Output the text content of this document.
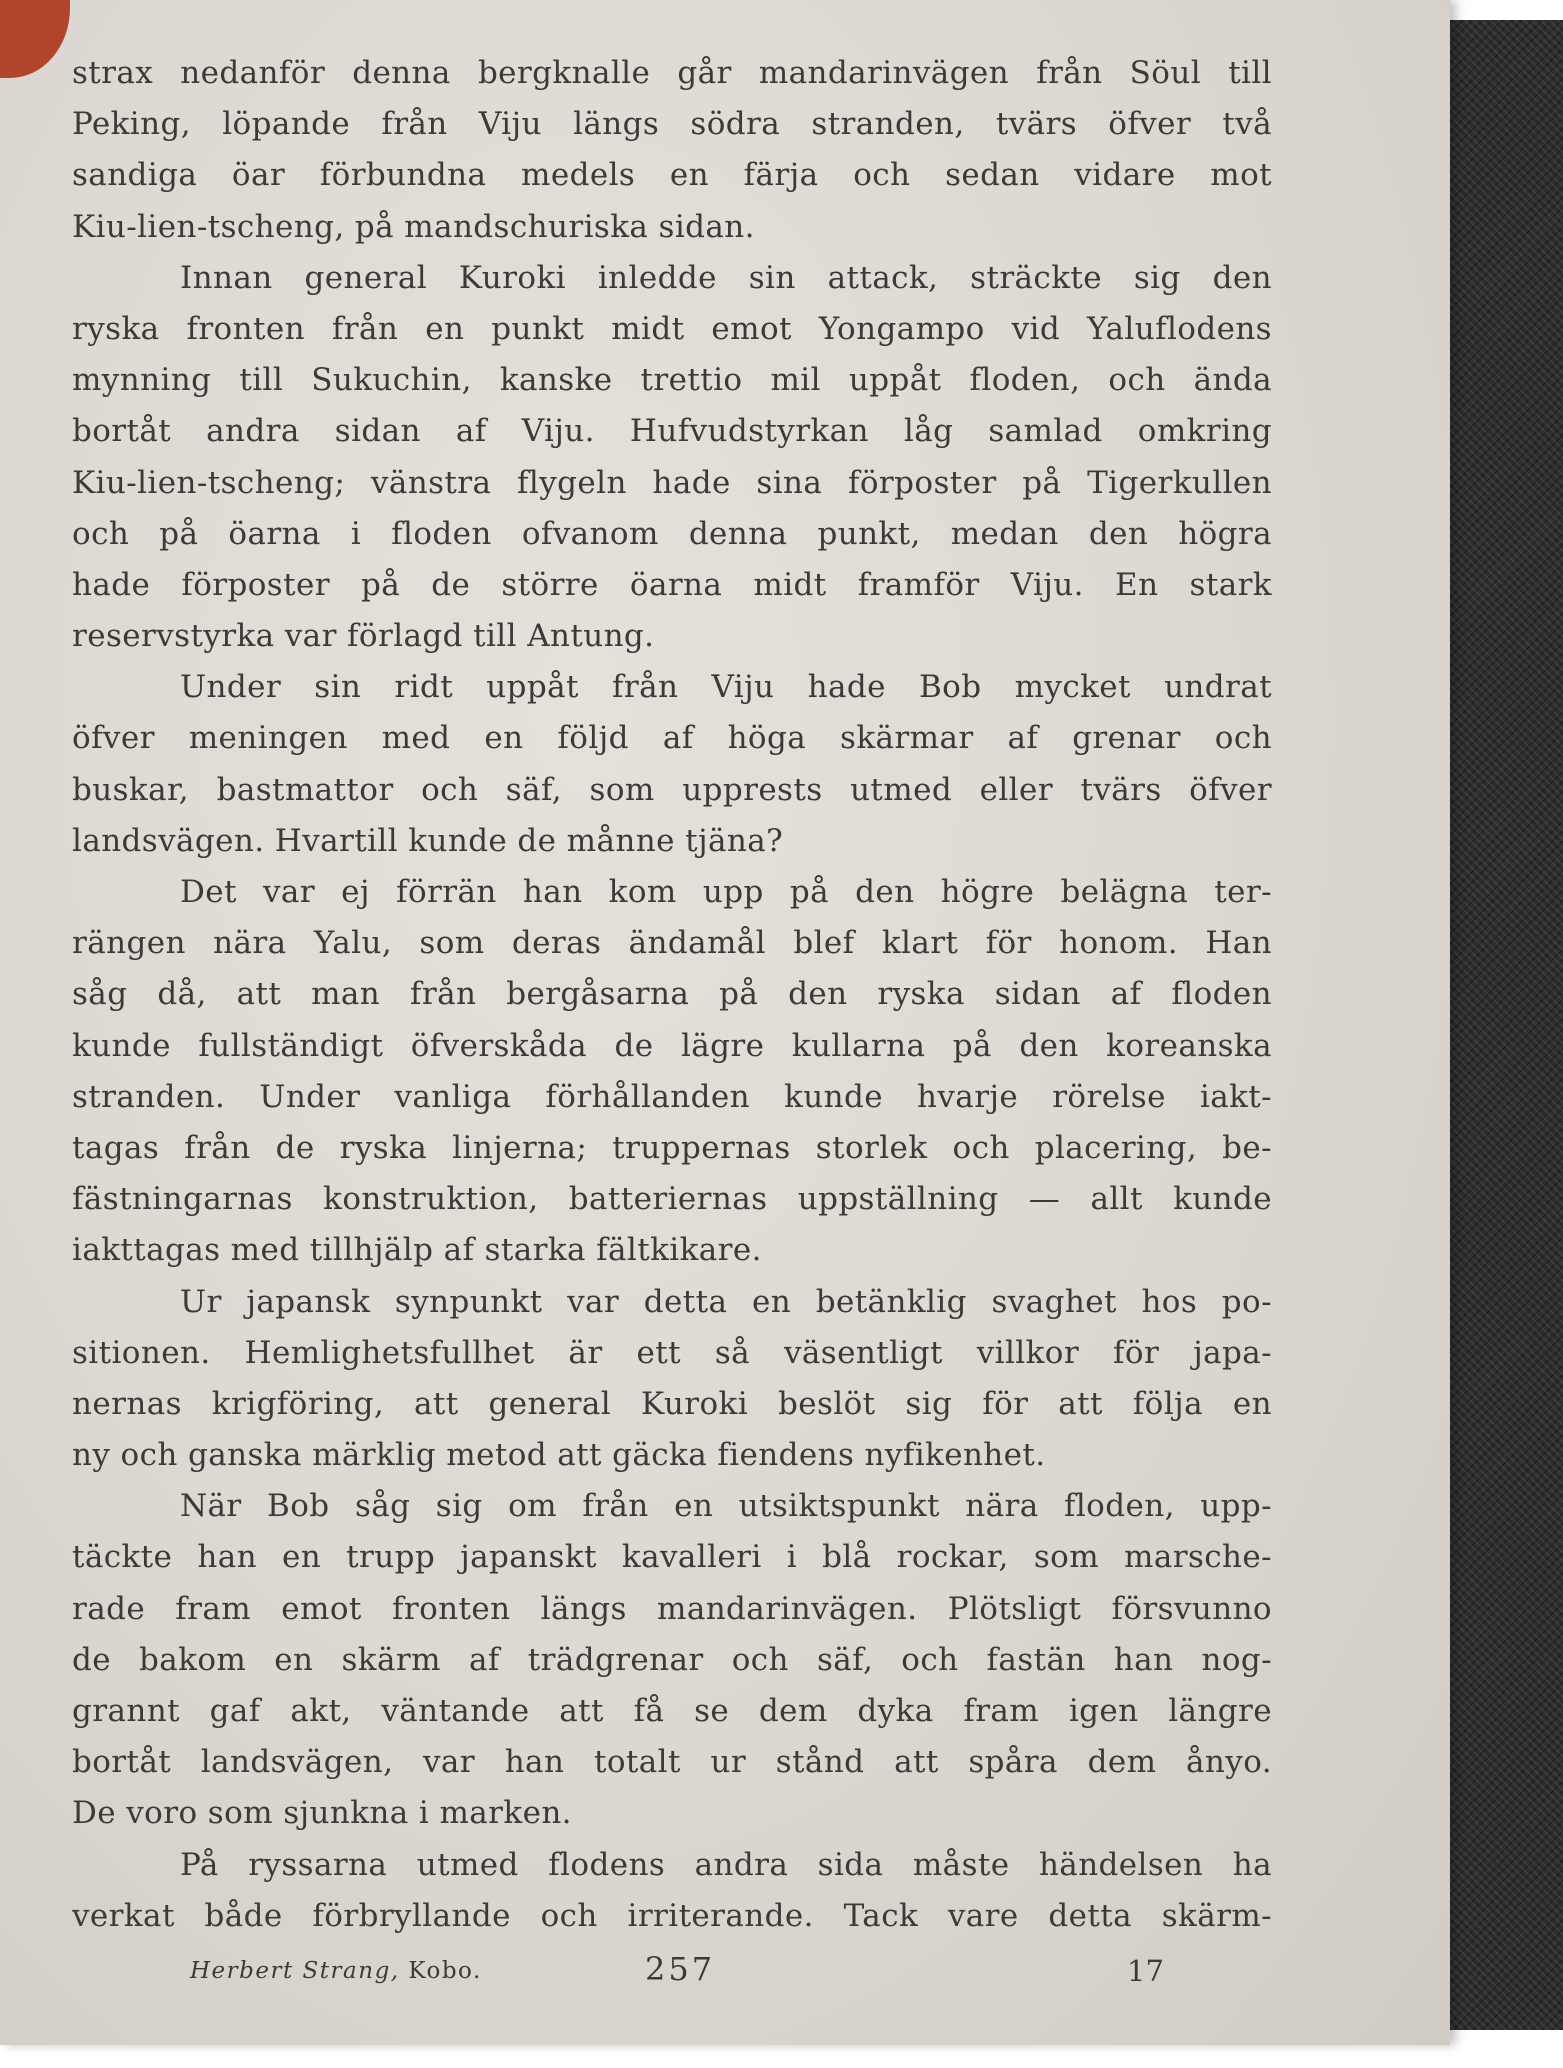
strax nedanför denna bergknalle går mandarinvägen från Söul till
Peking, löpande från Viju längs södra stranden, tvärs öfver två
sandiga öar förbundna medels en färja och sedan vidare mot
Kiu-lien-tscheng, på mandschuriska sidan.
Innan general Kuroki inledde sin attack, sträckte sig den
ryska fronten från en punkt midt emot Yongampo vid Yaluflodens
mynning till Sukuchin, kanske trettio mil uppåt floden, och ända
bortåt andra sidan af Viju. Hufvudstyrkan låg samlad omkring
Kiu-lien-tscheng; vänstra flygeln hade sina förposter på Tigerkullen
och på öarna i floden ofvanom denna punkt, medan den högra
hade förposter på de större öarna midt framför Viju. En stark
reservstyrka var förlagd till Antung.
Under sin ridt uppåt från Viju hade Bob mycket undrat
öfver meningen med en följd af höga skärmar af grenar och
buskar, bastmattor och säf, som upprests utmed eller tvärs öfver
landsvägen. Hvartill kunde de månne tjäna?
Det var ej förrän han kom upp på den högre belägna ter-
rängen nära Yalu, som deras ändamål blef klart för honom. Han
såg då, att man från bergåsarna på den ryska sidan af floden
kunde fullständigt öfverskåda de lägre kullarna på den koreanska
stranden. Under vanliga förhållanden kunde hvarje rörelse iakt-
tagas från de ryska linjerna; truppernas storlek och placering, be-
fästningarnas konstruktion, batteriernas uppställning — allt kunde
iakttagas med tillhjälp af starka fältkikare.
Ur japansk synpunkt var detta en betänklig svaghet hos po-
sitionen. Hemlighetsfullhet är ett så väsentligt villkor för japa-
nernas krigföring, att general Kuroki beslöt sig för att följa en
ny och ganska märklig metod att gäcka fiendens nyfikenhet.
När Bob såg sig om från en utsiktspunkt nära floden, upp-
täckte han en trupp japanskt kavalleri i blå rockar, som marsche-
rade fram emot fronten längs mandarinvägen. Plötsligt försvunno
de bakom en skärm af trädgrenar och säf, och fastän han nog-
grannt gaf akt, väntande att få se dem dyka fram igen längre
bortåt landsvägen, var han totalt ur stånd att spåra dem ånyo.
De voro som sjunkna i marken.
På ryssarna utmed flodens andra sida måste händelsen ha
verkat både förbryllande och irriterande. Tack vare detta skärm-
Herbert Strang, Kobo.	257	17
